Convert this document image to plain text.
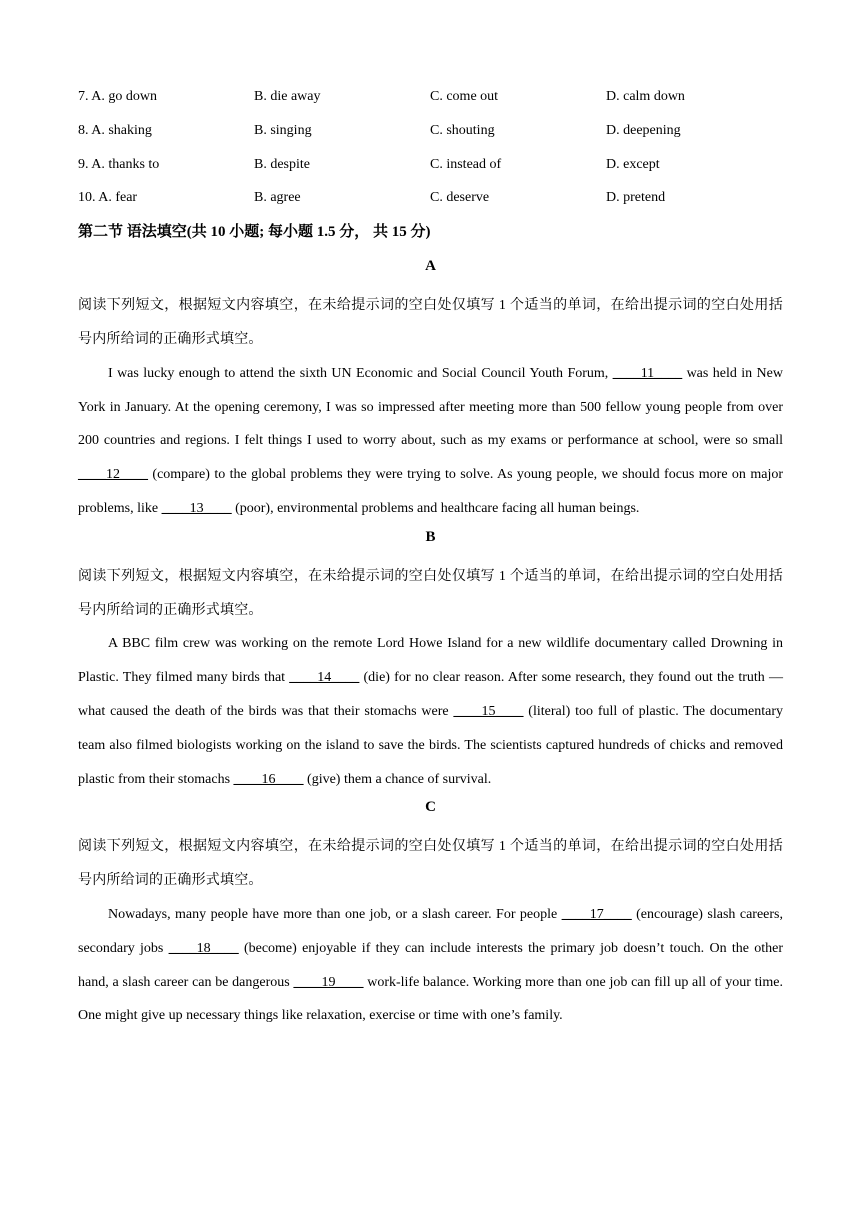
7. A. go down	B. die away	C. come out	D. calm down
8. A. shaking	B. singing	C. shouting	D. deepening
9. A. thanks to	B. despite	C. instead of	D. except
10. A. fear	B. agree	C. deserve	D. pretend
第二节 语法填空(共 10 小题; 每小题 1.5 分， 共 15 分)
A

阅读下列短文，根据短文内容填空，在未给提示词的空白处仅填写 1 个适当的单词，在给出提示词的空白处用括号内所给词的正确形式填空。

I was lucky enough to attend the sixth UN Economic and Social Council Youth Forum, ____11____ was held in New York in January. At the opening ceremony, I was so impressed after meeting more than 500 fellow young people from over 200 countries and regions. I felt things I used to worry about, such as my exams or performance at school, were so small ____12____ (compare) to the global problems they were trying to solve. As young people, we should focus more on major problems, like ____13____ (poor), environmental problems and healthcare facing all human beings.

B

阅读下列短文，根据短文内容填空，在未给提示词的空白处仅填写 1 个适当的单词，在给出提示词的空白处用括号内所给词的正确形式填空。

A BBC film crew was working on the remote Lord Howe Island for a new wildlife documentary called Drowning in Plastic. They filmed many birds that ____14____ (die) for no clear reason. After some research, they found out the truth — what caused the death of the birds was that their stomachs were ____15____ (literal) too full of plastic. The documentary team also filmed biologists working on the island to save the birds. The scientists captured hundreds of chicks and removed plastic from their stomachs ____16____ (give) them a chance of survival.

C

阅读下列短文，根据短文内容填空，在未给提示词的空白处仅填写 1 个适当的单词，在给出提示词的空白处用括号内所给词的正确形式填空。

Nowadays, many people have more than one job, or a slash career. For people ____17____ (encourage) slash careers, secondary jobs ____18____ (become) enjoyable if they can include interests the primary job doesn’t touch. On the other hand, a slash career can be dangerous ____19____ work-life balance. Working more than one job can fill up all of your time. One might give up necessary things like relaxation, exercise or time with one’s family.
